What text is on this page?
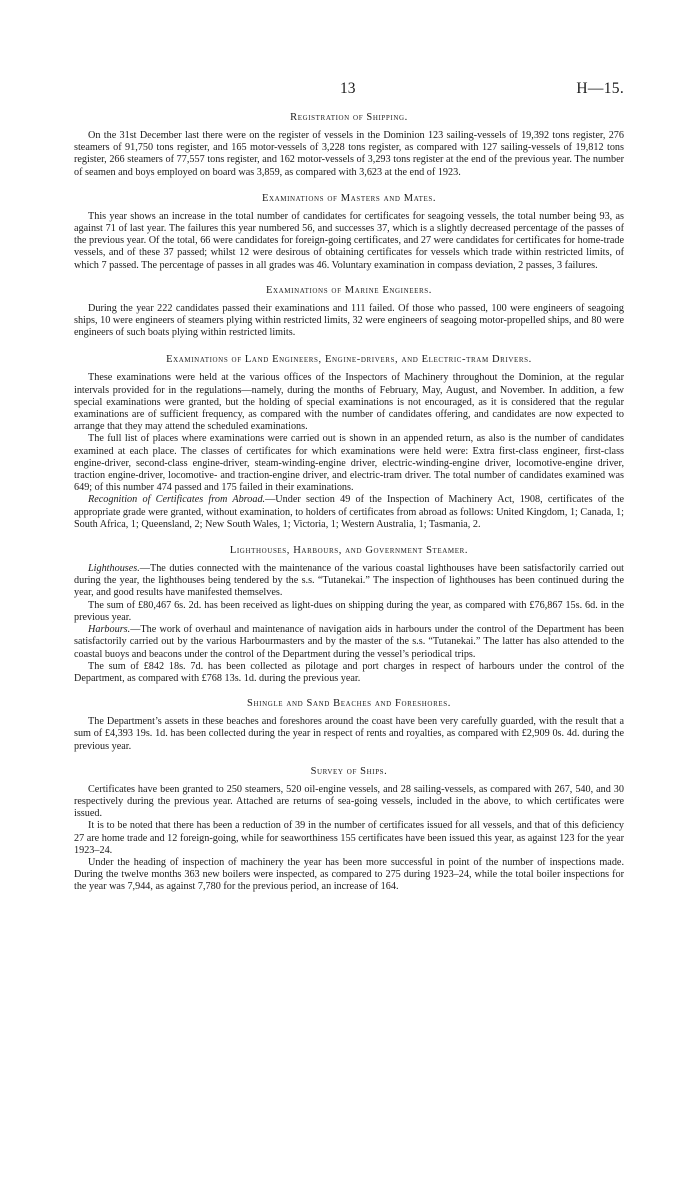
13	H—15.
Registration of Shipping.

On the 31st December last there were on the register of vessels in the Dominion 123 sailing-vessels of 19,392 tons register, 276 steamers of 91,750 tons register, and 165 motor-vessels of 3,228 tons register, as compared with 127 sailing-vessels of 19,812 tons register, 266 steamers of 77,557 tons register, and 162 motor-vessels of 3,293 tons register at the end of the previous year. The number of seamen and boys employed on board was 3,859, as compared with 3,623 at the end of 1923.

Examinations of Masters and Mates.

This year shows an increase in the total number of candidates for certificates for seagoing vessels, the total number being 93, as against 71 of last year. The failures this year numbered 56, and successes 37, which is a slightly decreased percentage of the passes of the previous year. Of the total, 66 were candidates for foreign-going certificates, and 27 were candidates for certificates for home-trade vessels, and of these 37 passed; whilst 12 were desirous of obtaining certificates for vessels which trade within restricted limits, of which 7 passed. The percentage of passes in all grades was 46. Voluntary examination in compass deviation, 2 passes, 3 failures.

Examinations of Marine Engineers.

During the year 222 candidates passed their examinations and 111 failed. Of those who passed, 100 were engineers of seagoing ships, 10 were engineers of steamers plying within restricted limits, 32 were engineers of seagoing motor-propelled ships, and 80 were engineers of such boats plying within restricted limits.

Examinations of Land Engineers, Engine-drivers, and Electric-tram Drivers.

These examinations were held at the various offices of the Inspectors of Machinery throughout the Dominion, at the regular intervals provided for in the regulations—namely, during the months of February, May, August, and November. In addition, a few special examinations were granted, but the holding of special examinations is not encouraged, as it is considered that the regular examinations are of sufficient frequency, as compared with the number of candidates offering, and candidates are now expected to arrange that they may attend the scheduled examinations.

The full list of places where examinations were carried out is shown in an appended return, as also is the number of candidates examined at each place. The classes of certificates for which examinations were held were: Extra first-class engineer, first-class engine-driver, second-class engine-driver, steam-winding-engine driver, electric-winding-engine driver, locomotive-engine driver, traction engine-driver, locomotive- and traction-engine driver, and electric-tram driver. The total number of candidates examined was 649; of this number 474 passed and 175 failed in their examinations.

Recognition of Certificates from Abroad.—Under section 49 of the Inspection of Machinery Act, 1908, certificates of the appropriate grade were granted, without examination, to holders of certificates from abroad as follows: United Kingdom, 1; Canada, 1; South Africa, 1; Queensland, 2; New South Wales, 1; Victoria, 1; Western Australia, 1; Tasmania, 2.

Lighthouses, Harbours, and Government Steamer.

Lighthouses.—The duties connected with the maintenance of the various coastal lighthouses have been satisfactorily carried out during the year, the lighthouses being tendered by the s.s. “Tutanekai.” The inspection of lighthouses has been continued during the year, and good results have manifested themselves.

The sum of £80,467 6s. 2d. has been received as light-dues on shipping during the year, as compared with £76,867 15s. 6d. in the previous year.

Harbours.—The work of overhaul and maintenance of navigation aids in harbours under the control of the Department has been satisfactorily carried out by the various Harbourmasters and by the master of the s.s. “Tutanekai.” The latter has also attended to the coastal buoys and beacons under the control of the Department during the vessel’s periodical trips.

The sum of £842 18s. 7d. has been collected as pilotage and port charges in respect of harbours under the control of the Department, as compared with £768 13s. 1d. during the previous year.

Shingle and Sand Beaches and Foreshores.

The Department’s assets in these beaches and foreshores around the coast have been very carefully guarded, with the result that a sum of £4,393 19s. 1d. has been collected during the year in respect of rents and royalties, as compared with £2,909 0s. 4d. during the previous year.

Survey of Ships.

Certificates have been granted to 250 steamers, 520 oil-engine vessels, and 28 sailing-vessels, as compared with 267, 540, and 30 respectively during the previous year. Attached are returns of sea-going vessels, included in the above, to which certificates were issued.

It is to be noted that there has been a reduction of 39 in the number of certificates issued for all vessels, and that of this deficiency 27 are home trade and 12 foreign-going, while for seaworthiness 155 certificates have been issued this year, as against 123 for the year 1923–24.

Under the heading of inspection of machinery the year has been more successful in point of the number of inspections made. During the twelve months 363 new boilers were inspected, as compared to 275 during 1923–24, while the total boiler inspections for the year was 7,944, as against 7,780 for the previous period, an increase of 164.
